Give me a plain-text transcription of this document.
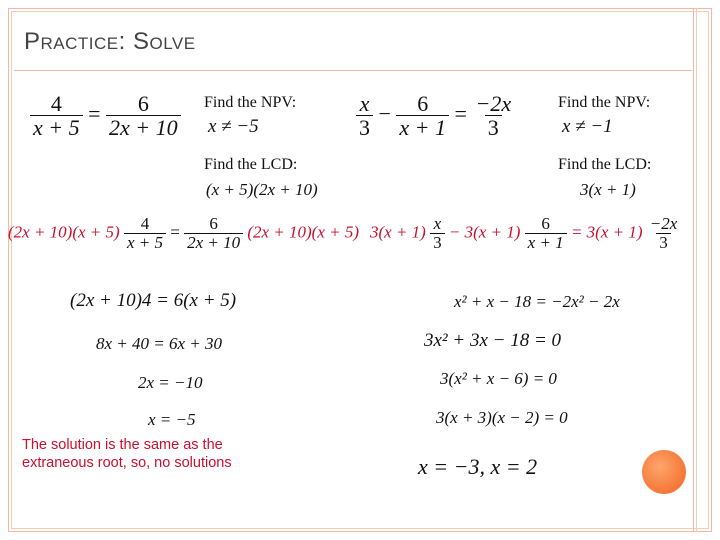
Practice: Solve
$\frac{4}{x + 5} = \frac{6}{2x + 10}$ Find the NPV:
x ≠ −5
Find the LCD:
(x + 5)(2x + 10)
$(2x + 10)(x + 5) \frac{4}{x + 5} = \frac{6}{2x + 10} (2x + 10)(x + 5)$
(2x + 10)4 = 6(x + 5)
8x + 40 = 6x + 30
2x = −10
x = −5
The solution is the same as the extraneous root, so, no solutions
$\frac{x}{3} - \frac{6}{x + 1} = \frac{-2x}{3}$	Find the NPV:
x ≠ −1
Find the LCD:
3(x + 1)
$3(x + 1) \frac{x}{3} - 3(x + 1) \frac{6}{x + 1} = 3(x + 1) \frac{-2x}{3}$
x² + x − 18 = −2x² − 2x
3x² + 3x − 18 = 0
3(x² + x − 6) = 0
3(x + 3)(x − 2) = 0
x = −3, x = 2
